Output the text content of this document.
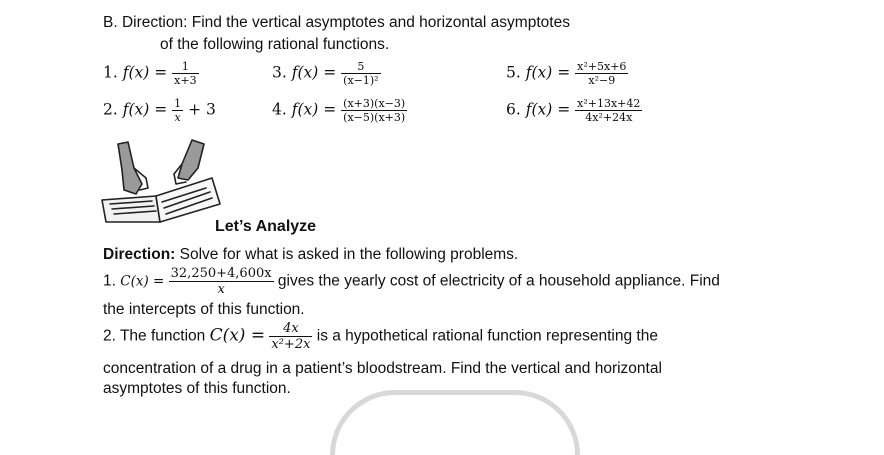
B. Direction: Find the vertical asymptotes and horizontal asymptotes
of the following rational functions.
1. $f(x) = \frac{1}{x+3}$
2. $f(x) = \frac{1}{x} + 3$
3. $f(x) = \frac{5}{\text{(x−1)²}}$
4. $f(x) = \frac{(x+3)(x-3)}{(x-5)(x+3)}$
5. $f(x) = \frac{\text{x²+5x+6}}{\text{x²−9}}$
6. $f(x) = \frac{\text{x²+13x+42}}{\text{4x²+24x}}$
Let’s Analyze
Direction: Solve for what is asked in the following problems.
1. $C(x) = \frac{32,250+4,600x}{x}$ gives the yearly cost of electricity of a household appliance. Find
the intercepts of this function.
2. The function $C(x) = \frac{4x}{\text{x²+2x}}$ is a hypothetical rational function representing the
concentration of a drug in a patient’s bloodstream. Find the vertical and horizontal
asymptotes of this function.
